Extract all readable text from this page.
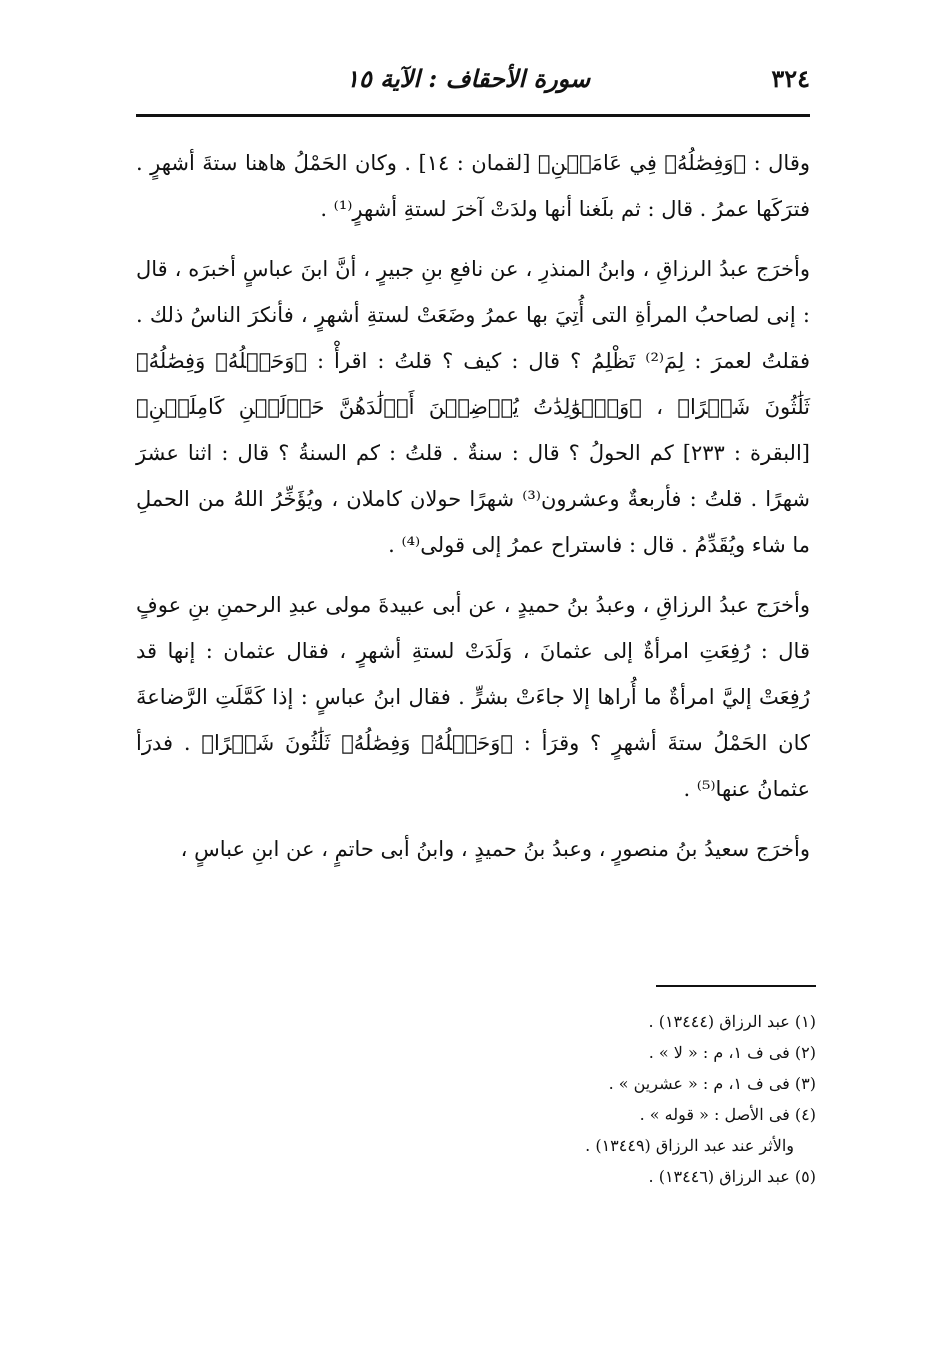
٣٢٤
سورة الأحقاف : الآية ١٥

وقال : ﴿وَفِصَٰلُهُۥ فِي عَامَيۡنِ﴾ [لقمان : ١٤] . وكان الحَمْلُ هاهنا ستةَ أشهرٍ . فترَكَها عمرُ . قال : ثم بلَغنا أنها ولدَتْ آخرَ لستةِ أشهرٍ⁽¹⁾ .

وأخرَج عبدُ الرزاقِ ، وابنُ المنذرِ ، عن نافعِ بنِ جبيرٍ ، أنَّ ابنَ عباسٍ أخبرَه ، قال : إنى لصاحبُ المرأةِ التى أُتِيَ بها عمرُ وضَعَتْ لستةِ أشهرٍ ، فأنكرَ الناسُ ذلك . فقلتُ لعمرَ : لِمَ⁽²⁾ تَظْلِمُ ؟ قال : كيف ؟ قلتُ : اقرأْ : ﴿وَحَمۡلُهُۥ وَفِصَٰلُهُۥ ثَلَٰثُونَ شَهۡرًا﴾ ، ﴿وَٱلۡوَٰلِدَٰتُ يُرۡضِعۡنَ أَوۡلَٰدَهُنَّ حَوۡلَيۡنِ كَامِلَيۡنِ﴾ [البقرة : ٢٣٣] كم الحولُ ؟ قال : سنةٌ . قلتُ : كم السنةُ ؟ قال : اثنا عشرَ شهرًا . قلتُ : فأربعةٌ وعشرون⁽³⁾ شهرًا حولان كاملان ، ويُؤَخِّرُ اللهُ من الحملِ ما شاء ويُقَدِّمُ . قال : فاستراح عمرُ إلى قولى⁽⁴⁾ .

وأخرَج عبدُ الرزاقِ ، وعبدُ بنُ حميدٍ ، عن أبى عبيدةَ مولى عبدِ الرحمنِ بنِ عوفٍ قال : رُفِعَتِ امرأةٌ إلى عثمانَ ، وَلَدَتْ لستةِ أشهرٍ ، فقال عثمان : إنها قد رُفِعَتْ إليَّ امرأةٌ ما أُراها إلا جاءَتْ بشرٍّ . فقال ابنُ عباسٍ : إذا كَمَّلَتِ الرَّضاعةَ كان الحَمْلُ ستةَ أشهرٍ ؟ وقرَأ : ﴿وَحَمۡلُهُۥ وَفِصَٰلُهُۥ ثَلَٰثُونَ شَهۡرًا﴾ . فدرَأ عثمانُ عنها⁽⁵⁾ .

وأخرَج سعيدُ بنُ منصورٍ ، وعبدُ بنُ حميدٍ ، وابنُ أبى حاتمٍ ، عن ابنِ عباسٍ ،

(١) عبد الرزاق (١٣٤٤٤) .

(٢) فى ف ١، م : « لا » .

(٣) فى ف ١، م : « عشرين » .

(٤) فى الأصل : « قوله » .

والأثر عند عبد الرزاق (١٣٤٤٩) .

(٥) عبد الرزاق (١٣٤٤٦) .
